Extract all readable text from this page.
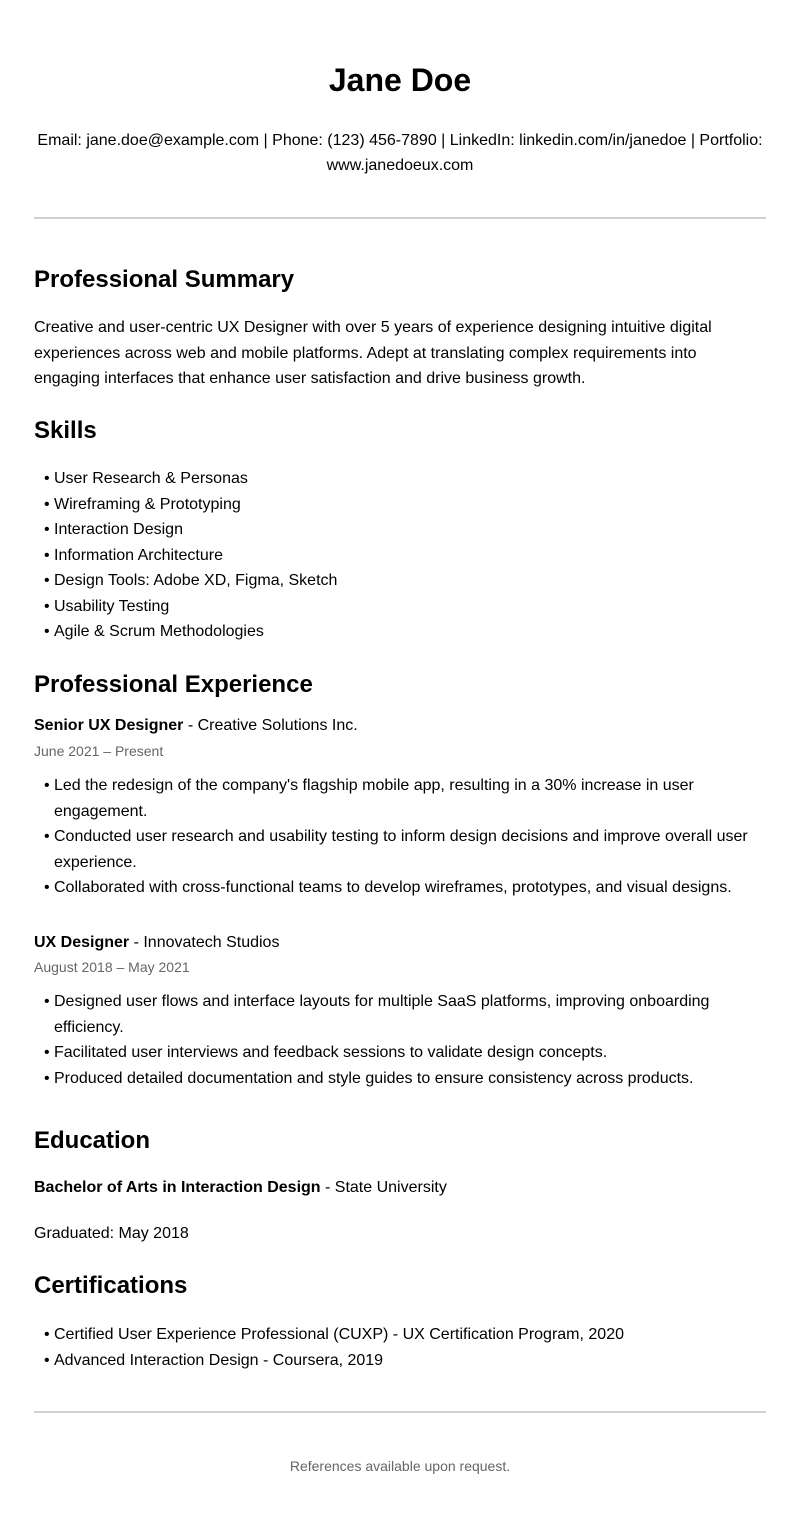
Jane Doe
Email: jane.doe@example.com | Phone: (123) 456-7890 | LinkedIn: linkedin.com/in/janedoe | Portfolio:
www.janedoeux.com
Professional Summary

Creative and user-centric UX Designer with over 5 years of experience designing intuitive digital experiences across web and mobile platforms. Adept at translating complex requirements into engaging interfaces that enhance user satisfaction and drive business growth.

Skills
• User Research & Personas
• Wireframing & Prototyping
• Interaction Design
• Information Architecture
• Design Tools: Adobe XD, Figma, Sketch
• Usability Testing
• Agile & Scrum Methodologies
Professional Experience
Senior UX Designer - Creative Solutions Inc.
June 2021 – Present
• Led the redesign of the company's flagship mobile app, resulting in a 30% increase in user engagement.
• Conducted user research and usability testing to inform design decisions and improve overall user experience.
• Collaborated with cross-functional teams to develop wireframes, prototypes, and visual designs.
UX Designer - Innovatech Studios
August 2018 – May 2021
• Designed user flows and interface layouts for multiple SaaS platforms, improving onboarding efficiency.
• Facilitated user interviews and feedback sessions to validate design concepts.
• Produced detailed documentation and style guides to ensure consistency across products.
Education
Bachelor of Arts in Interaction Design - State University
Graduated: May 2018
Certifications
• Certified User Experience Professional (CUXP) - UX Certification Program, 2020
• Advanced Interaction Design - Coursera, 2019
References available upon request.
